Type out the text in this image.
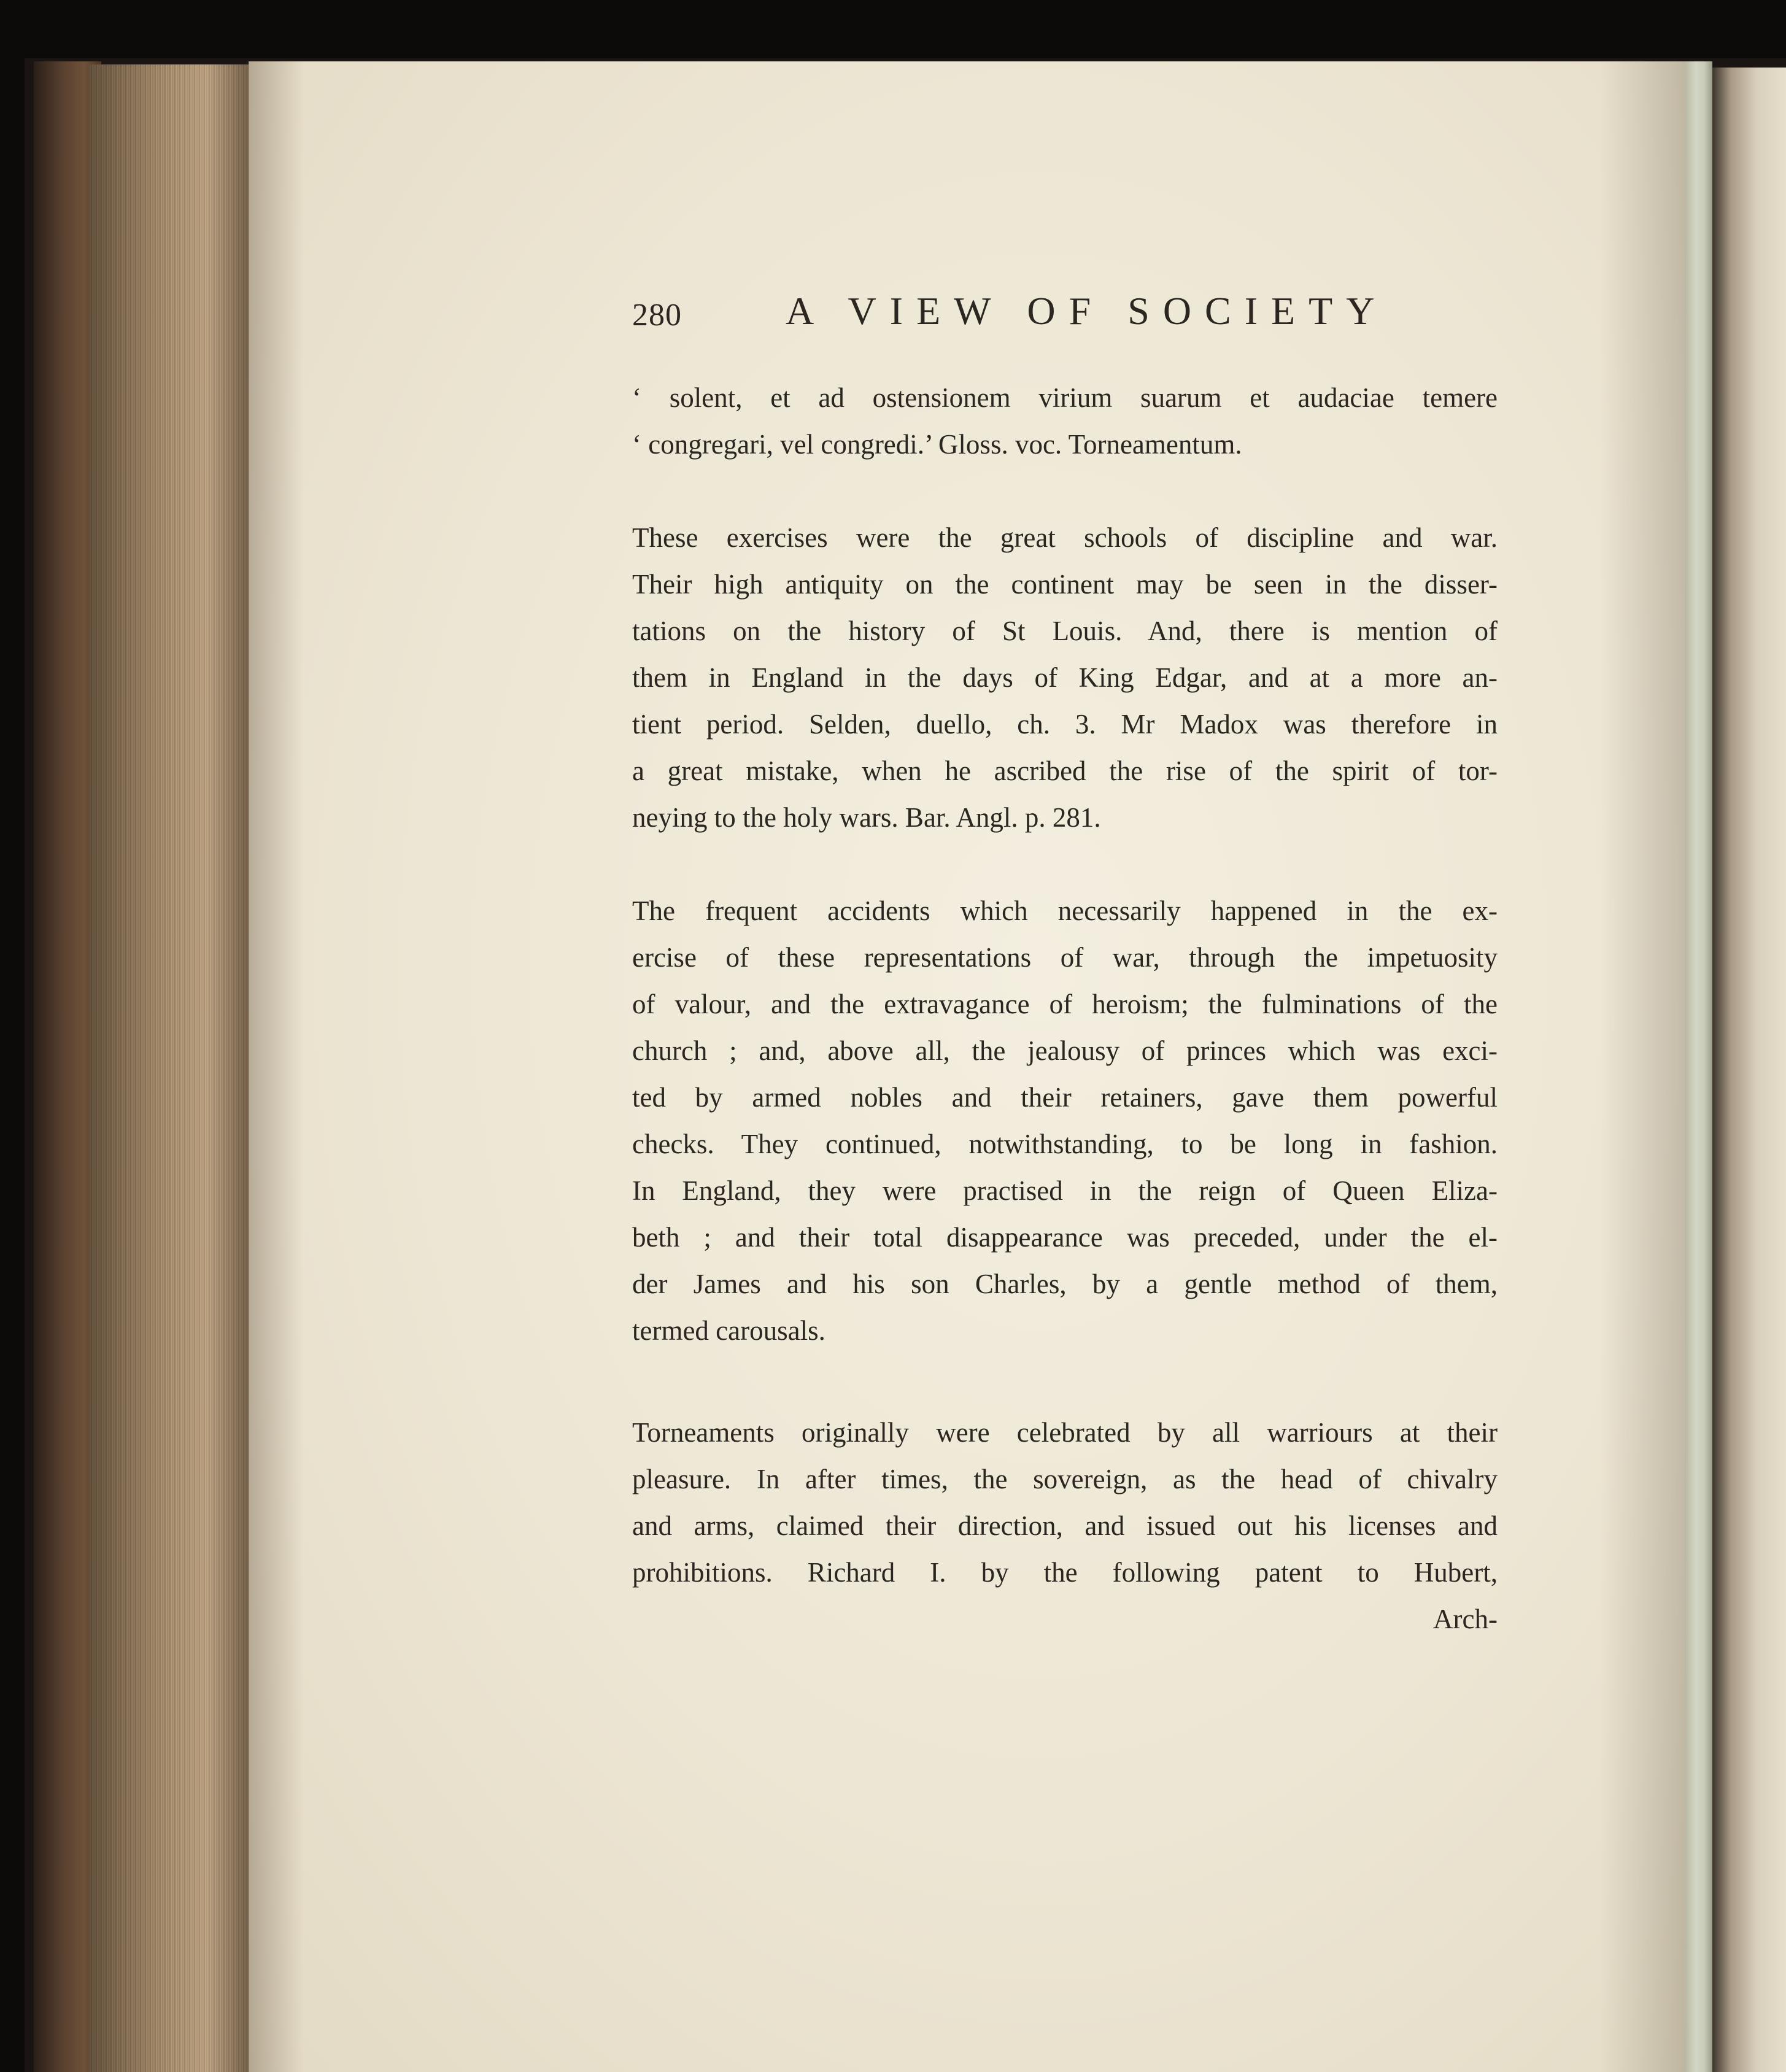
280	A VIEW OF SOCIETY
‘ solent, et ad ostensionem virium suarum et audaciae temere
‘ congregari, vel congredi.’ Gloss. voc. Torneamentum.
These exercises were the great schools of discipline and war.
Their high antiquity on the continent may be seen in the disser-
tations on the history of St Louis. And, there is mention of
them in England in the days of King Edgar, and at a more an-
tient period. Selden, duello, ch. 3. Mr Madox was therefore in
a great mistake, when he ascribed the rise of the spirit of tor-
neying to the holy wars. Bar. Angl. p. 281.
The frequent accidents which necessarily happened in the ex-
ercise of these representations of war, through the impetuosity
of valour, and the extravagance of heroism; the fulminations of the
church ; and, above all, the jealousy of princes which was exci-
ted by armed nobles and their retainers, gave them powerful
checks. They continued, notwithstanding, to be long in fashion.
In England, they were practised in the reign of Queen Eliza-
beth ; and their total disappearance was preceded, under the el-
der James and his son Charles, by a gentle method of them,
termed carousals.
Torneaments originally were celebrated by all warriours at their
pleasure. In after times, the sovereign, as the head of chivalry
and arms, claimed their direction, and issued out his licenses and
prohibitions. Richard I. by the following patent to Hubert,
Arch-
